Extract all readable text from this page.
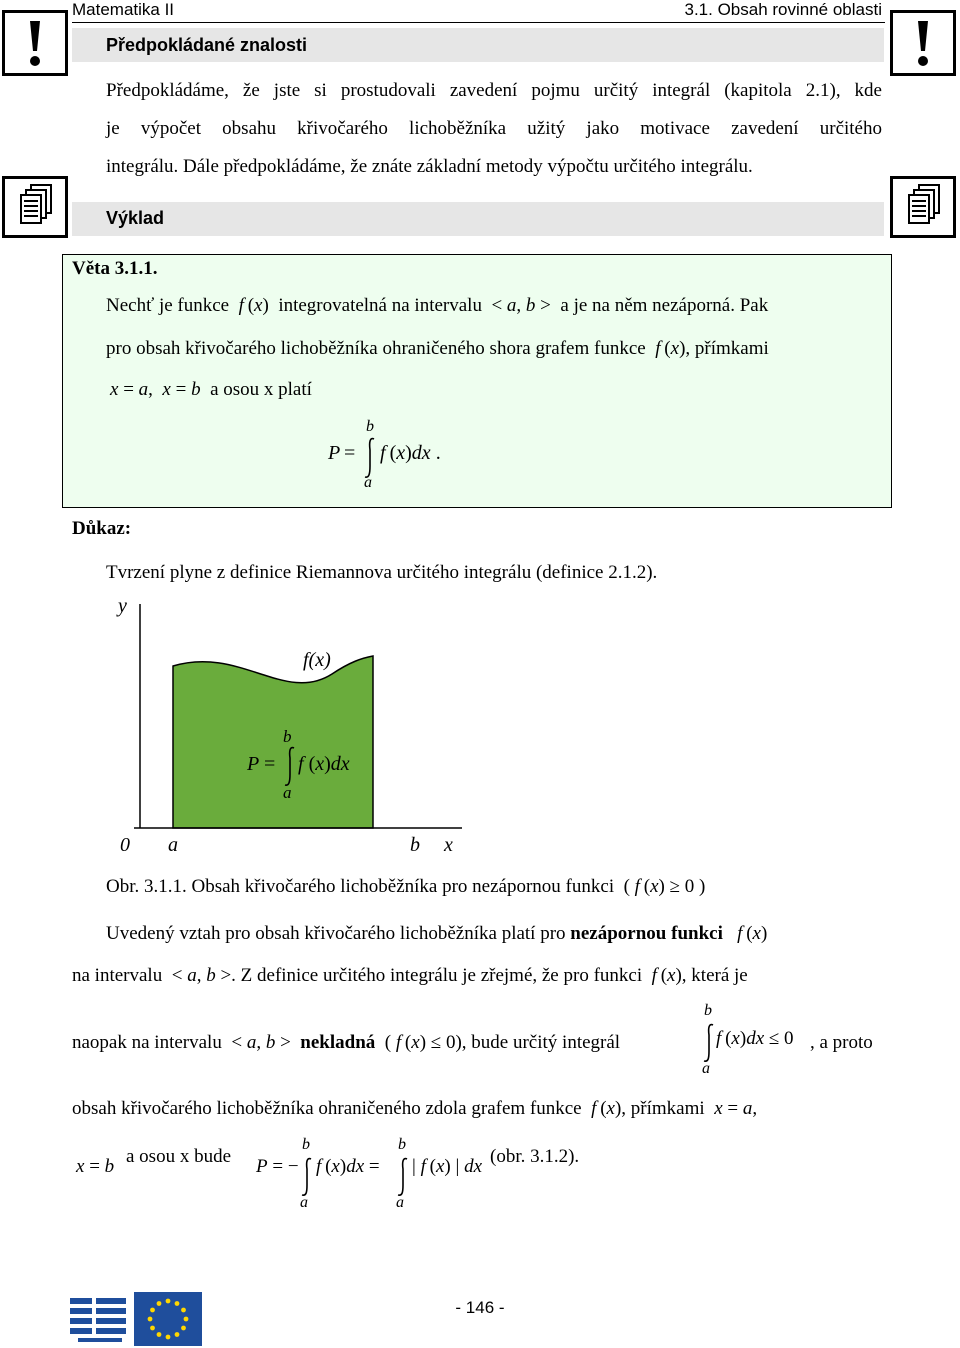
Matematika II	3.1. Obsah rovinné oblasti
Předpokládané znalosti
Předpokládáme, že jste si prostudovali zavedení pojmu určitý integrál (kapitola 2.1), kde
je výpočet obsahu křivočarého lichoběžníka užitý jako motivace zavedení určitého
integrálu. Dále předpokládáme, že znáte základní metody výpočtu určitého integrálu.
Výklad
Věta 3.1.1.
Nechť je funkce f (x)  integrovatelná na intervalu  < a, b >  a je na něm nezáporná. Pak
pro obsah křivočarého lichoběžníka ohraničeného shora grafem funkce f (x), přímkami
x = a,  x = b a osou x platí
b
P = f (x)dx .
a
Důkaz:
Tvrzení plyne z definice Riemannova určitého integrálu (definice 2.1.2).
y
x
0 a	b
f(x)
b
P = f (x)dx
a
Obr. 3.1.1. Obsah křivočarého lichoběžníka pro nezápornou funkci  ( f (x) ≥ 0 )
Uvedený vztah pro obsah křivočarého lichoběžníka platí pro nezápornou funkci f (x)
na intervalu  < a, b >. Z definice určitého integrálu je zřejmé, že pro funkci f (x), která je
naopak na intervalu  < a, b >  nekladná  ( f (x) ≤ 0), bude určitý integrál
b
f (x)dx ≤ 0
a
, a proto
obsah křivočarého lichoběžníka ohraničeného zdola grafem funkce f (x), přímkami x = a,
x = b a osou x bude P = −
b
a
f (x)dx =
b
a
| f (x) | dx (obr. 3.1.2).
- 146 -
